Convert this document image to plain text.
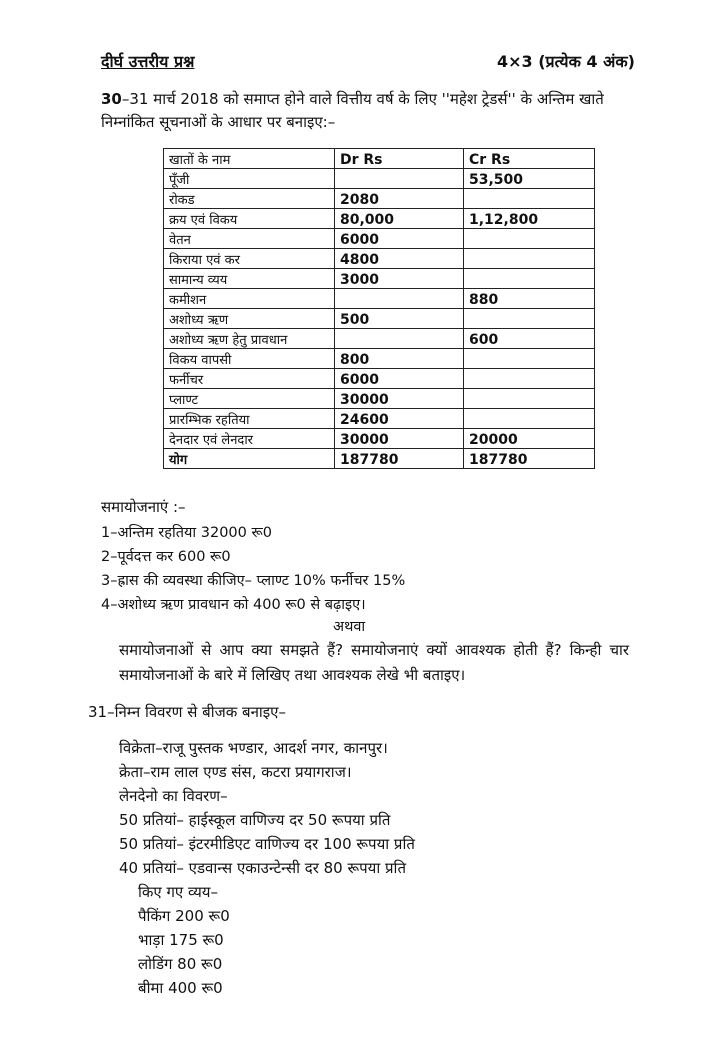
दीर्घ उत्तरीय प्रश्न	4×3 (प्रत्येक 4 अंक)
30–31 मार्च 2018 को समाप्त होने वाले वित्तीय वर्ष के लिए ''महेश ट्रेडर्स'' के अन्तिम खाते निम्नांकित सूचनाओं के आधार पर बनाइए:–
खातों के नाम	Dr Rs	Cr Rs
पूँजी		53,500
रोकड	2080	
क्रय एवं विकय	80,000	1,12,800
वेतन	6000	
किराया एवं कर	4800	
सामान्य व्यय	3000	
कमीशन		880
अशोध्य ऋण	500	
अशोध्य ऋण हेतु प्रावधान		600
विकय वापसी	800	
फर्नीचर	6000	
प्लाण्ट	30000	
प्रारम्भिक रहतिया	24600	
देनदार एवं लेनदार	30000	20000
योग	187780	187780
समायोजनाएं :–
1–अन्तिम रहतिया 32000 रू0
2–पूर्वदत्त कर 600 रू0
3–ह्रास की व्यवस्था कीजिए– प्लाण्ट 10% फर्नीचर 15%
4–अशोध्य ऋण प्रावधान को 400 रू0 से बढ़ाइए।
अथवा
समायोजनाओं से आप क्या समझते हैं? समायोजनाएं क्यों आवश्यक होती हैं? किन्ही चार समायोजनाओं के बारे में लिखिए तथा आवश्यक लेखे भी बताइए।
31–निम्न विवरण से बीजक बनाइए–
विक्रेता–राजू पुस्तक भण्डार, आदर्श नगर, कानपुर।
क्रेता–राम लाल एण्ड संस, कटरा प्रयागराज।
लेनदेनो का विवरण–
50 प्रतियां– हाईस्कूल वाणिज्य दर 50 रूपया प्रति
50 प्रतियां– इंटरमीडिएट वाणिज्य दर 100 रूपया प्रति
40 प्रतियां– एडवान्स एकाउन्टेन्सी दर 80 रूपया प्रति
किए गए व्यय–
पैकिंग 200 रू0
भाड़ा 175 रू0
लोडिंग 80 रू0
बीमा 400 रू0
